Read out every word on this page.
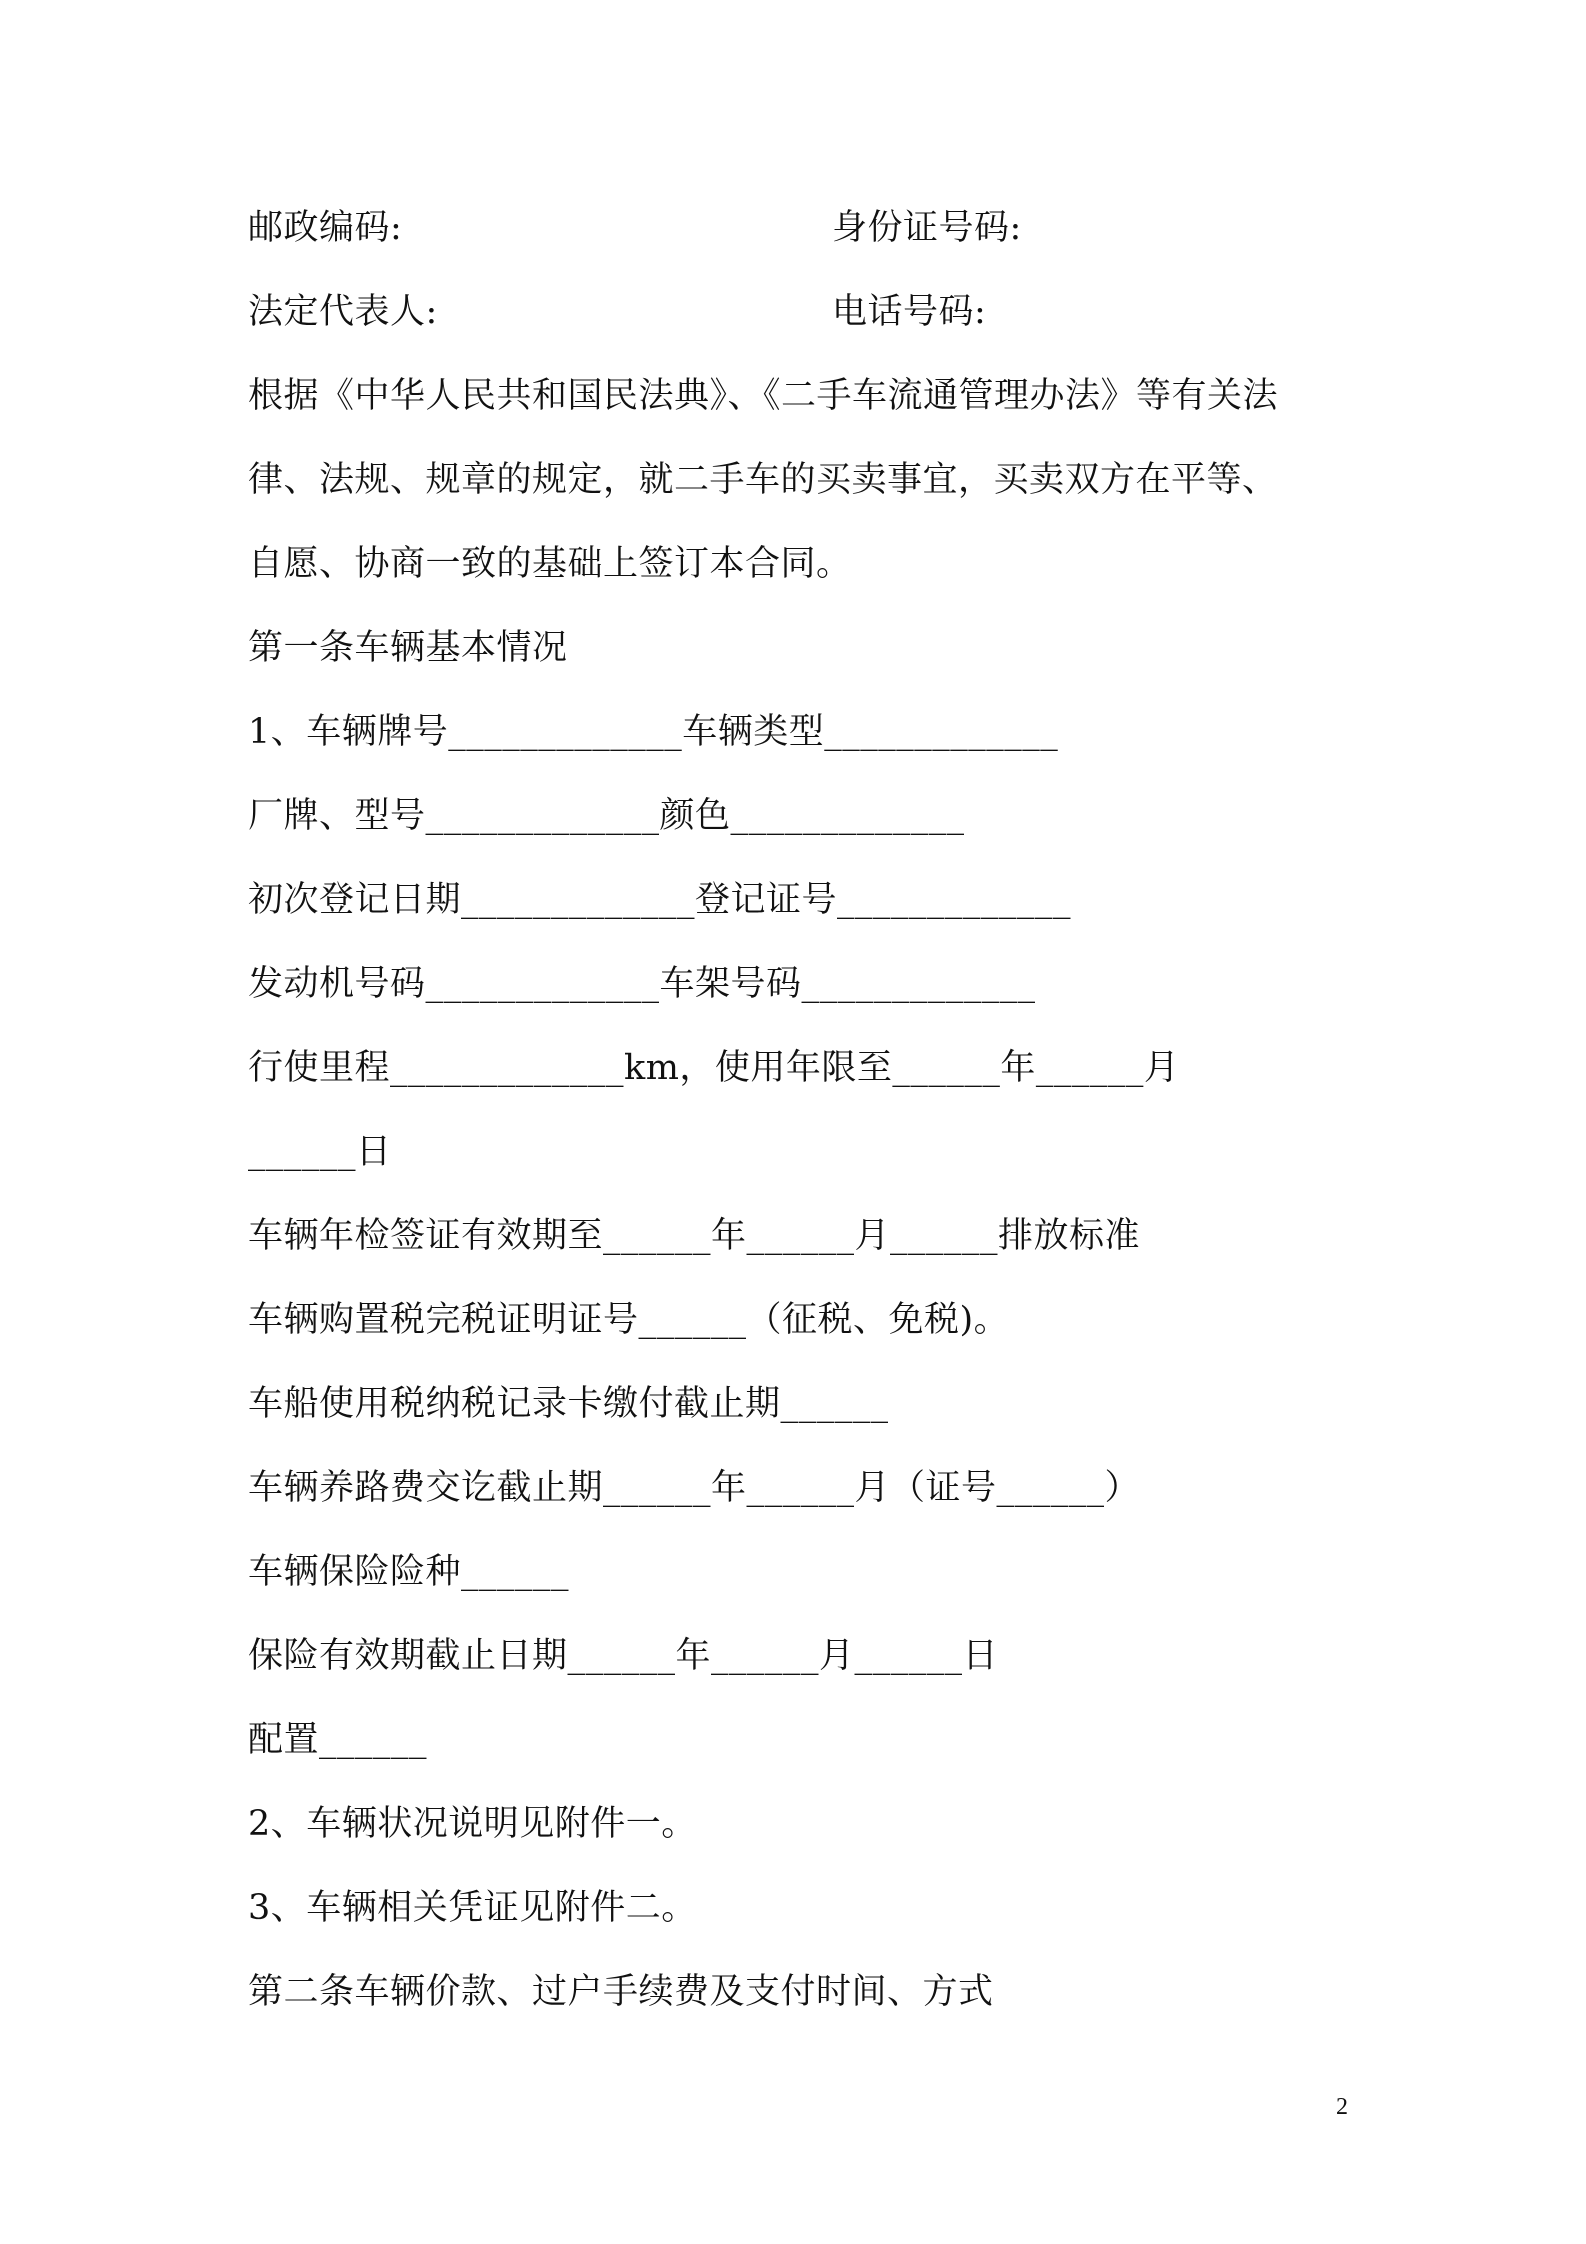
邮政编码:	身份证号码:
法定代表人:	电话号码:
根据《中华人民共和国民法典》、《二手车流通管理办法》等有关法
律、法规、规章的规定，就二手车的买卖事宜，买卖双方在平等、
自愿、协商一致的基础上签订本合同。
第一条车辆基本情况
1、车辆牌号_____________车辆类型_____________
厂牌、型号_____________颜色_____________
初次登记日期_____________登记证号_____________
发动机号码_____________车架号码_____________
行使里程_____________km，使用年限至______年______月
______日
车辆年检签证有效期至______年______月______排放标准
车辆购置税完税证明证号______（征税、免税)。
车船使用税纳税记录卡缴付截止期______
车辆养路费交讫截止期______年______月（证号______）
车辆保险险种______
保险有效期截止日期______年______月______日
配置______
2、车辆状况说明见附件一。
3、车辆相关凭证见附件二。
第二条车辆价款、过户手续费及支付时间、方式
2
